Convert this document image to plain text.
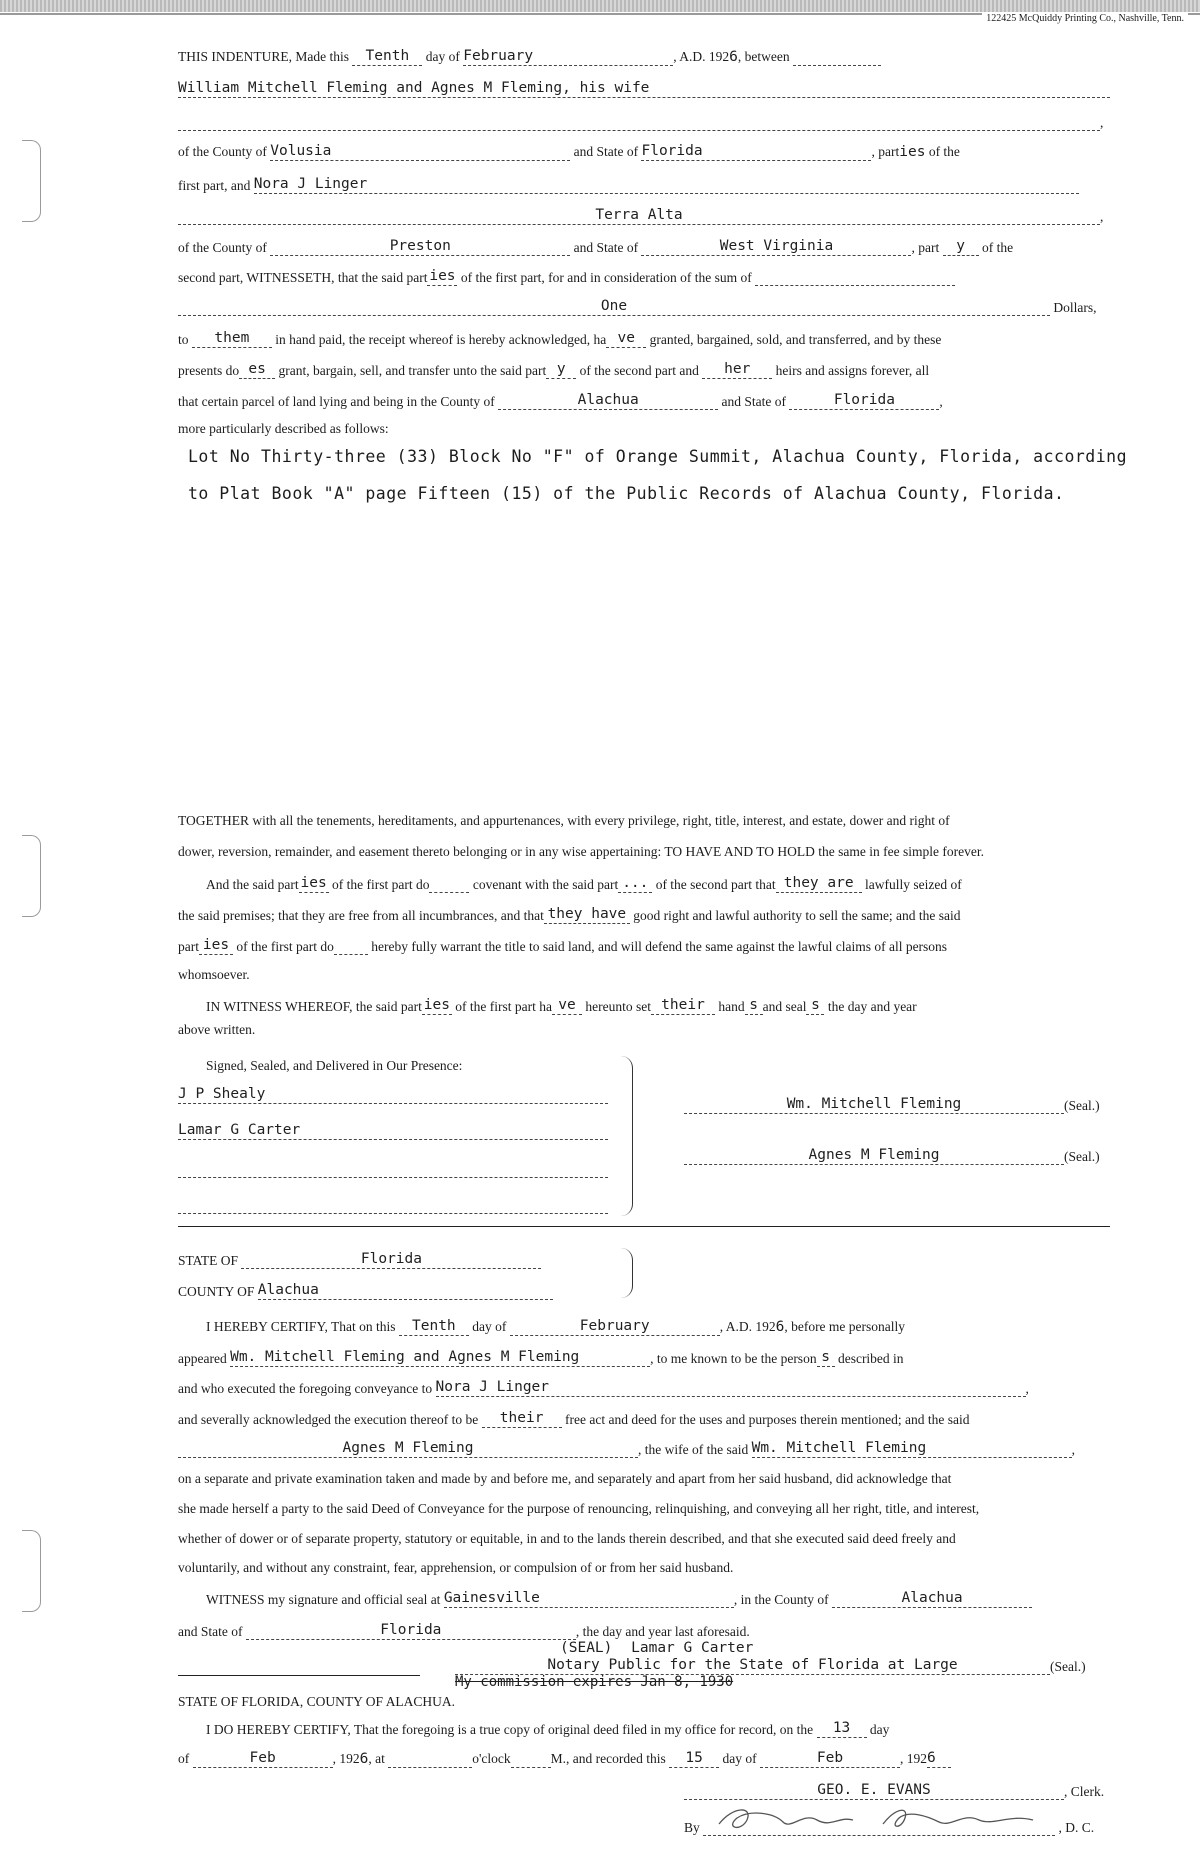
122425 McQuiddy Printing Co., Nashville, Tenn.
THIS INDENTURE, Made this Tenth day of February	, A.D. 1926, between
William Mitchell Fleming and Agnes M Fleming, his wife
,
of the County of Volusia	and State of Florida	, parties of the
first part, and Nora J Linger
Terra Alta	,
of the County of	Preston	and State of	West Virginia	, part y of the
second part, WITNESSETH, that the said part ies of the first part, for and in consideration of the sum of
One	Dollars,
to them in hand paid, the receipt whereof is hereby acknowledged, ha ve granted, bargained, sold, and transferred, and by these
presents do es grant, bargain, sell, and transfer unto the said part y of the second part and her heirs and assigns forever, all
that certain parcel of land lying and being in the County of	Alachua	and State of	Florida	,
more particularly described as follows:
Lot No Thirty-three (33) Block No "F" of Orange Summit, Alachua County, Florida, according
to Plat Book "A" page Fifteen (15) of the Public Records of Alachua County, Florida.
TOGETHER with all the tenements, hereditaments, and appurtenances, with every privilege, right, title, interest, and estate, dower and right of
dower, reversion, remainder, and easement thereto belonging or in any wise appertaining: TO HAVE AND TO HOLD the same in fee simple forever.
And the said part ies of the first part do	covenant with the said part ... of the second part that they are lawfully seized of
the said premises; that they are free from all incumbrances, and that they have good right and lawful authority to sell the same; and the said
part ies of the first part do	hereby fully warrant the title to said land, and will defend the same against the lawful claims of all persons
whomsoever.
IN WITNESS WHEREOF, the said part ies of the first part ha ve hereunto set their hand s and seal s the day and year
above written.
Signed, Sealed, and Delivered in Our Presence:
J P Shealy
Lamar G Carter
Wm. Mitchell Fleming	(Seal.)
Agnes M Fleming	(Seal.)
STATE OF	Florida
COUNTY OF Alachua
I HEREBY CERTIFY, That on this Tenth day of	February	, A.D. 1926, before me personally
appeared Wm. Mitchell Fleming and Agnes M Fleming	, to me known to be the person s described in
and who executed the foregoing conveyance to Nora J Linger	,
and severally acknowledged the execution thereof to be their free act and deed for the uses and purposes therein mentioned; and the said
Agnes M Fleming	, the wife of the said Wm. Mitchell Fleming	,
on a separate and private examination taken and made by and before me, and separately and apart from her said husband, did acknowledge that
she made herself a party to the said Deed of Conveyance for the purpose of renouncing, relinquishing, and conveying all her right, title, and interest,
whether of dower or of separate property, statutory or equitable, in and to the lands therein described, and that she executed said deed freely and
voluntarily, and without any constraint, fear, apprehension, or compulsion of or from her said husband.
WITNESS my signature and official seal at Gainesville	, in the County of	Alachua
and State of	Florida	, the day and year last aforesaid.
(SEAL) Lamar G Carter
Notary Public for the State of Florida at Large	(Seal.)
My commission expires Jan 8, 1930
STATE OF FLORIDA, COUNTY OF ALACHUA.
I DO HEREBY CERTIFY, That the foregoing is a true copy of original deed filed in my office for record, on the 13 day
of	Feb	, 1926, at	o'clock	M., and recorded this 15 day of	Feb	, 1926
GEO. E. EVANS	, Clerk.
By	, D. C.
